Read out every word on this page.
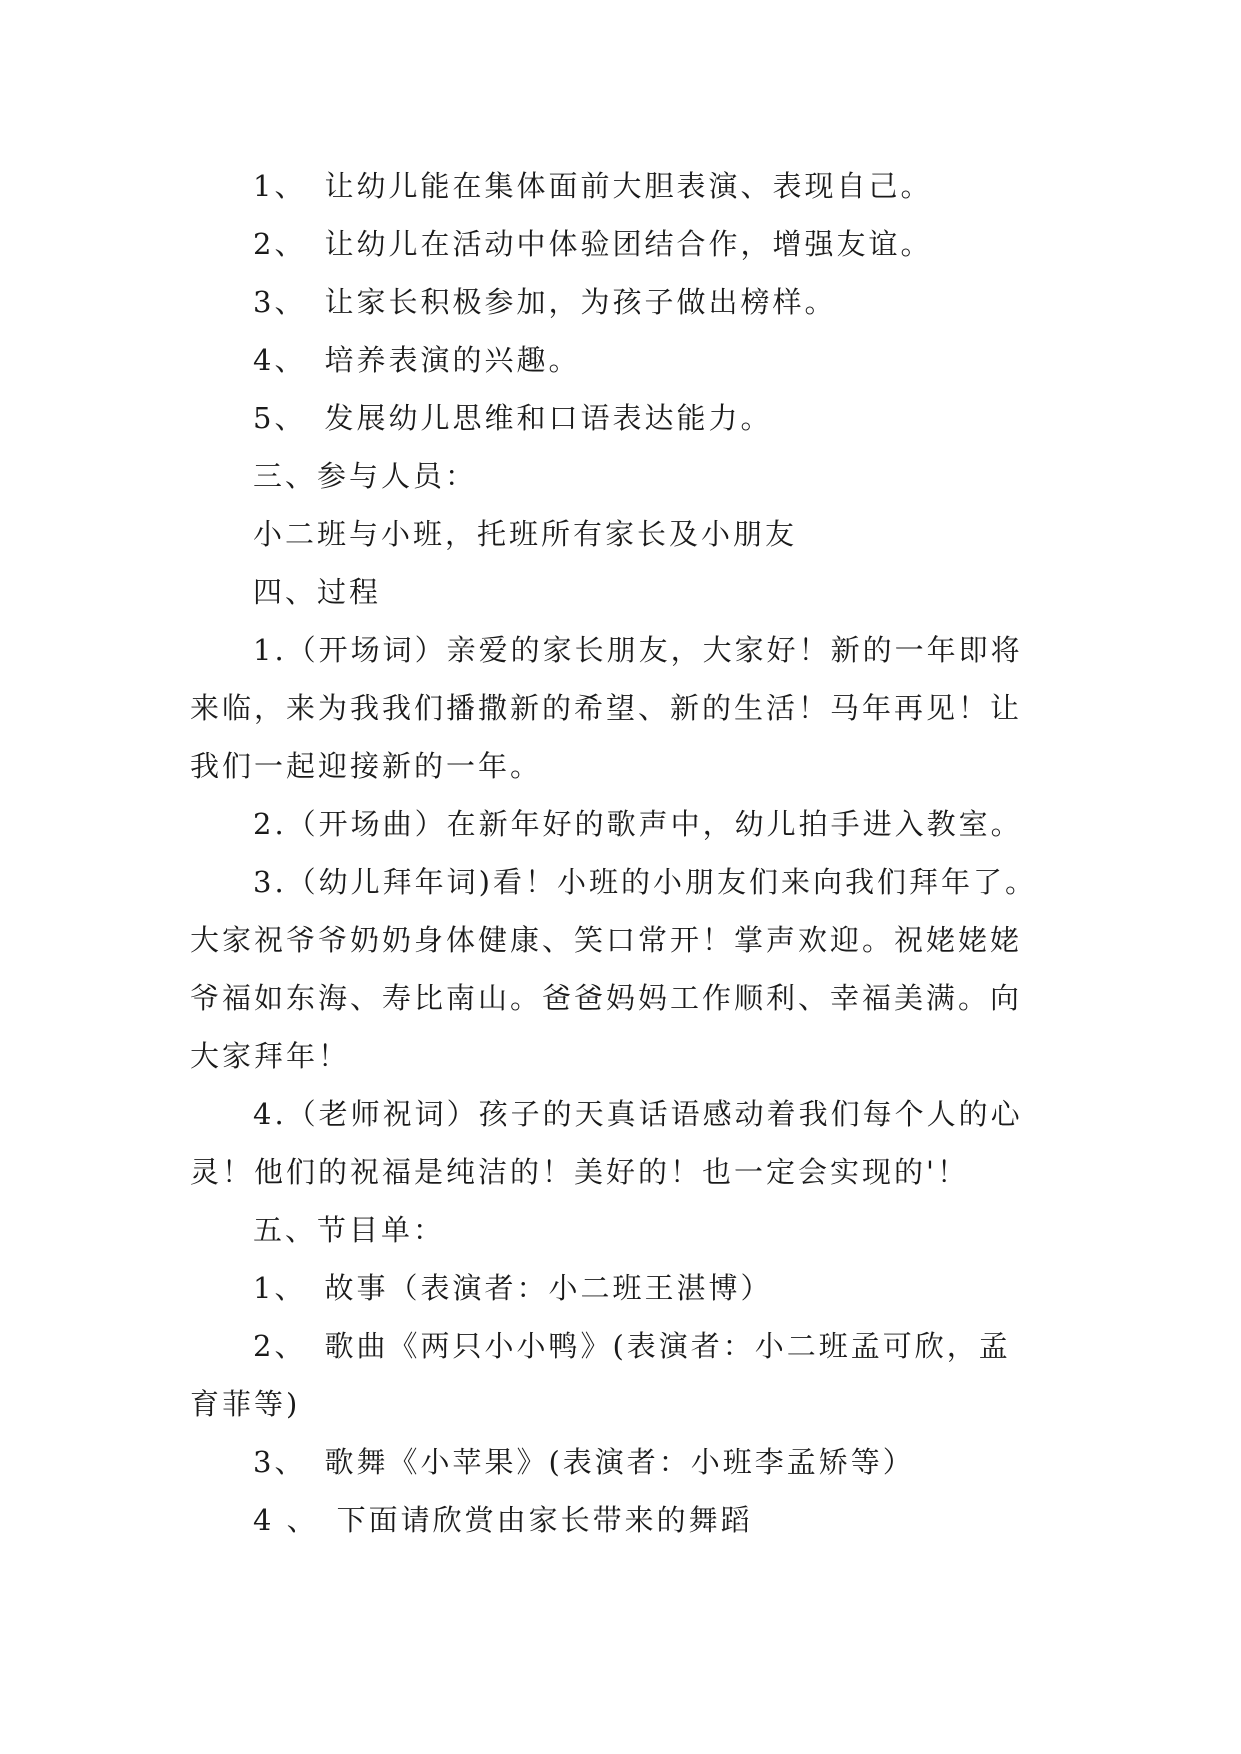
1、 让幼儿能在集体面前大胆表演、表现自己。
2、 让幼儿在活动中体验团结合作，增强友谊。
3、 让家长积极参加，为孩子做出榜样。
4、 培养表演的兴趣。
5、 发展幼儿思维和口语表达能力。
三、参与人员：
小二班与小班，托班所有家长及小朋友
四、过程
1.（开场词）亲爱的家长朋友，大家好！新的一年即将
来临，来为我我们播撒新的希望、新的生活！马年再见！让
我们一起迎接新的一年。
2.（开场曲）在新年好的歌声中，幼儿拍手进入教室。
3.（幼儿拜年词)看！小班的小朋友们来向我们拜年了。
大家祝爷爷奶奶身体健康、笑口常开！掌声欢迎。祝姥姥姥
爷福如东海、寿比南山。爸爸妈妈工作顺利、幸福美满。向
大家拜年！
4.（老师祝词）孩子的天真话语感动着我们每个人的心
灵！他们的祝福是纯洁的！美好的！也一定会实现的'！
五、节目单：
1、 故事（表演者：小二班王湛博）
2、 歌曲《两只小小鸭》(表演者：小二班孟可欣，孟
育菲等)
3、 歌舞《小苹果》(表演者：小班李孟矫等）
4 、 下面请欣赏由家长带来的舞蹈
